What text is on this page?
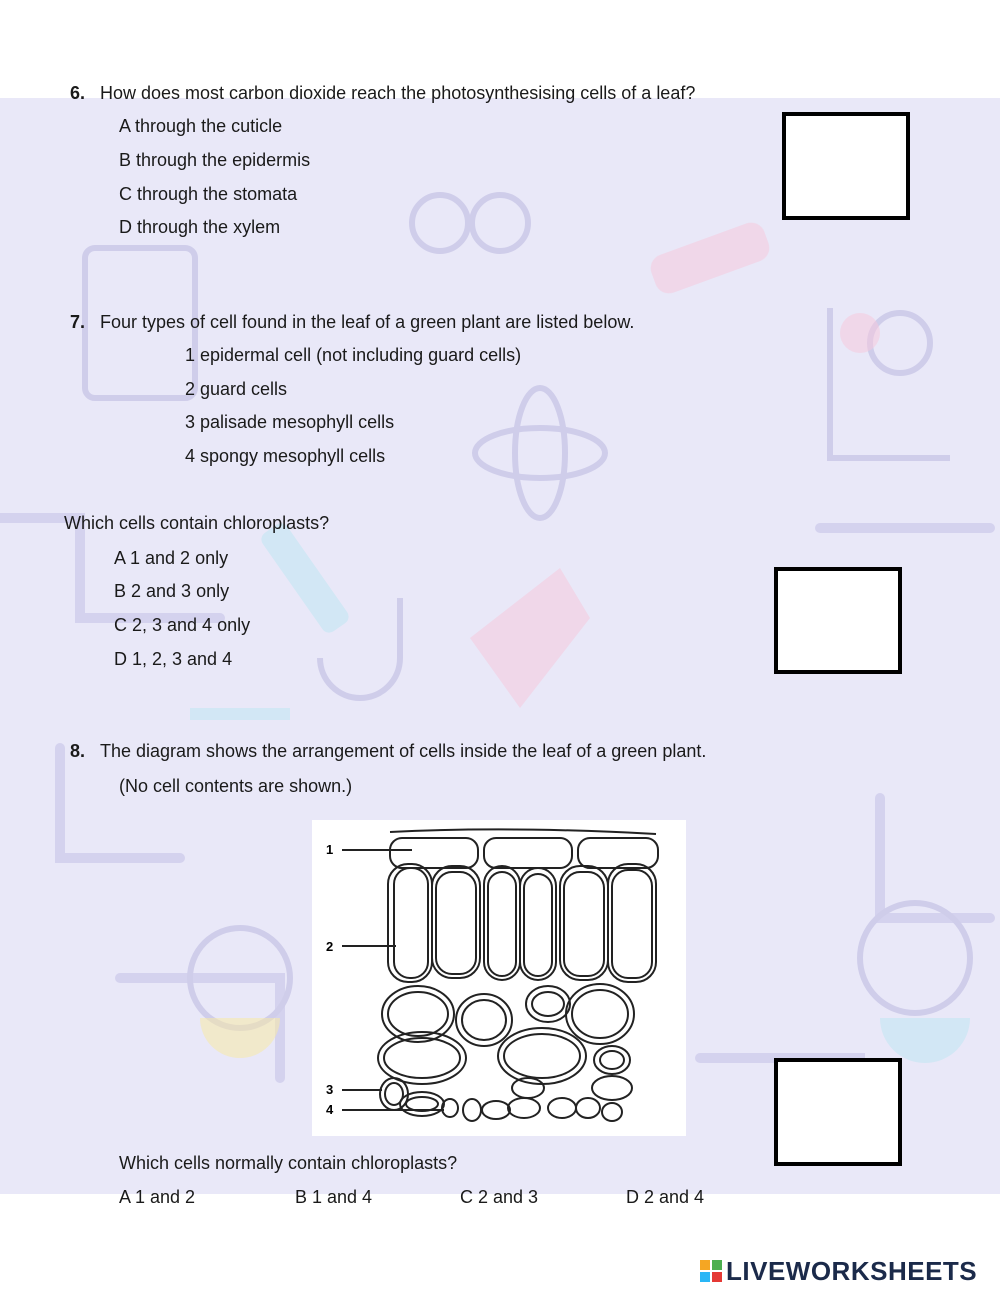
6. How does most carbon dioxide reach the photosynthesising cells of a leaf?
A through the cuticle
B through the epidermis
C through the stomata
D through the xylem
7. Four types of cell found in the leaf of a green plant are listed below.
1 epidermal cell (not including guard cells)
2 guard cells
3 palisade mesophyll cells
4 spongy mesophyll cells
Which cells contain chloroplasts?
A 1 and 2 only
B 2 and 3 only
C 2, 3 and 4 only
D 1, 2, 3 and 4
8. The diagram shows the arrangement of cells inside the leaf of a green plant.
(No cell contents are shown.)
1
2
3
4
Which cells normally contain chloroplasts?
A 1 and 2	B 1 and 4	C 2 and 3	D 2 and 4
LIVEWORKSHEETS
